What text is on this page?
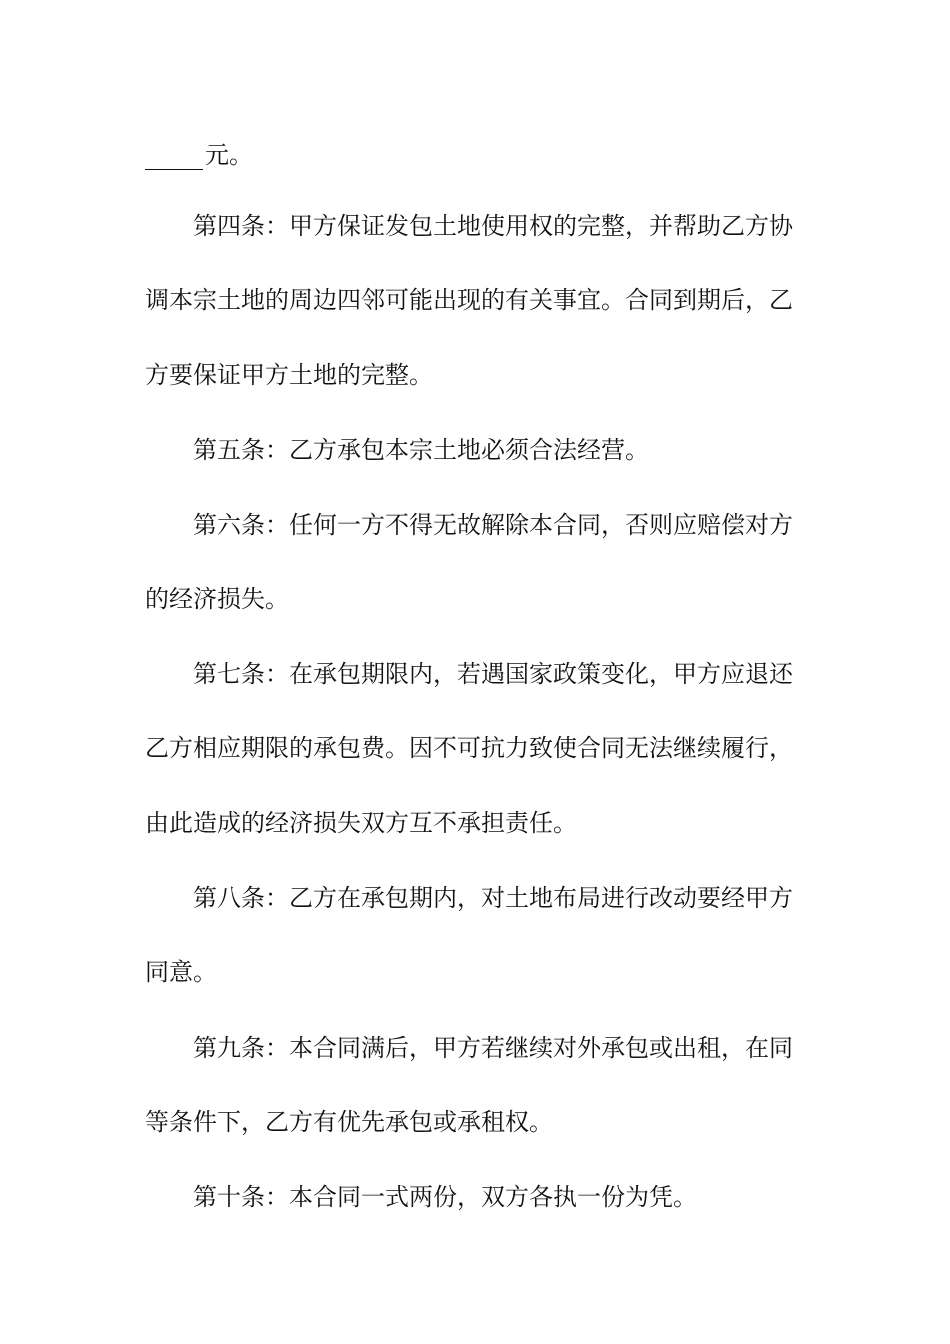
元。
第四条：甲方保证发包土地使用权的完整，并帮助乙方协
调本宗土地的周边四邻可能出现的有关事宜。合同到期后，乙
方要保证甲方土地的完整。
第五条：乙方承包本宗土地必须合法经营。
第六条：任何一方不得无故解除本合同，否则应赔偿对方
的经济损失。
第七条：在承包期限内，若遇国家政策变化，甲方应退还
乙方相应期限的承包费。因不可抗力致使合同无法继续履行，
由此造成的经济损失双方互不承担责任。
第八条：乙方在承包期内，对土地布局进行改动要经甲方
同意。
第九条：本合同满后，甲方若继续对外承包或出租，在同
等条件下，乙方有优先承包或承租权。
第十条：本合同一式两份，双方各执一份为凭。
